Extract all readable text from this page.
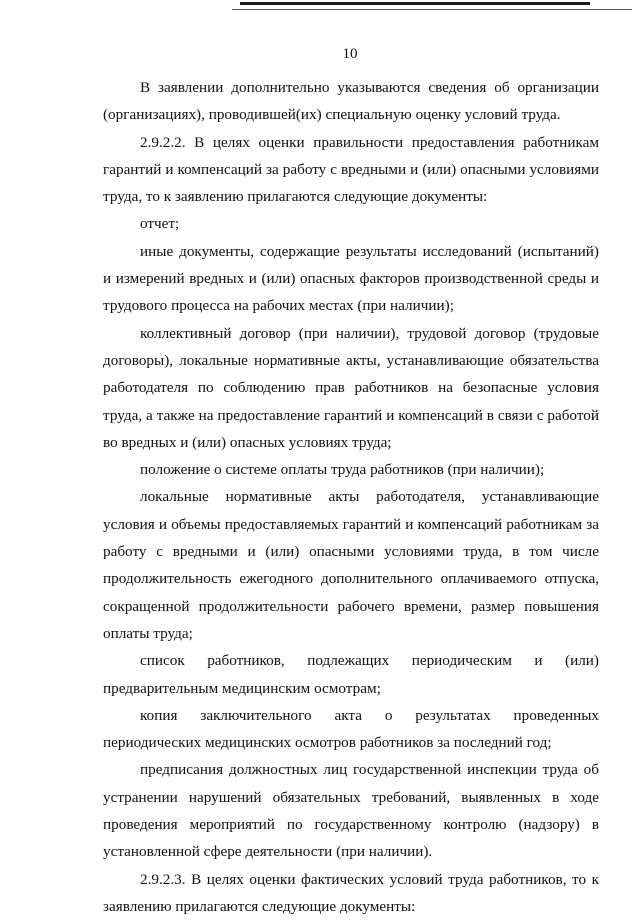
10

В заявлении дополнительно указываются сведения об организации (организациях), проводившей(их) специальную оценку условий труда.

2.9.2.2. В целях оценки правильности предоставления работникам гарантий и компенсаций за работу с вредными и (или) опасными условиями труда, то к заявлению прилагаются следующие документы:

отчет;

иные документы, содержащие результаты исследований (испытаний) и измерений вредных и (или) опасных факторов производственной среды и трудового процесса на рабочих местах (при наличии);

коллективный договор (при наличии), трудовой договор (трудовые договоры), локальные нормативные акты, устанавливающие обязательства работодателя по соблюдению прав работников на безопасные условия труда, а также на предоставление гарантий и компенсаций в связи с работой во вредных и (или) опасных условиях труда;

положение о системе оплаты труда работников (при наличии);

локальные нормативные акты работодателя, устанавливающие условия и объемы предоставляемых гарантий и компенсаций работникам за работу с вредными и (или) опасными условиями труда, в том числе продолжительность ежегодного дополнительного оплачиваемого отпуска, сокращенной продолжительности рабочего времени, размер повышения оплаты труда;

список работников, подлежащих периодическим и (или) предварительным медицинским осмотрам;

копия заключительного акта о результатах проведенных периодических медицинских осмотров работников за последний год;

предписания должностных лиц государственной инспекции труда об устранении нарушений обязательных требований, выявленных в ходе проведения мероприятий по государственному контролю (надзору) в установленной сфере деятельности (при наличии).

2.9.2.3. В целях оценки фактических условий труда работников, то к заявлению прилагаются следующие документы:
